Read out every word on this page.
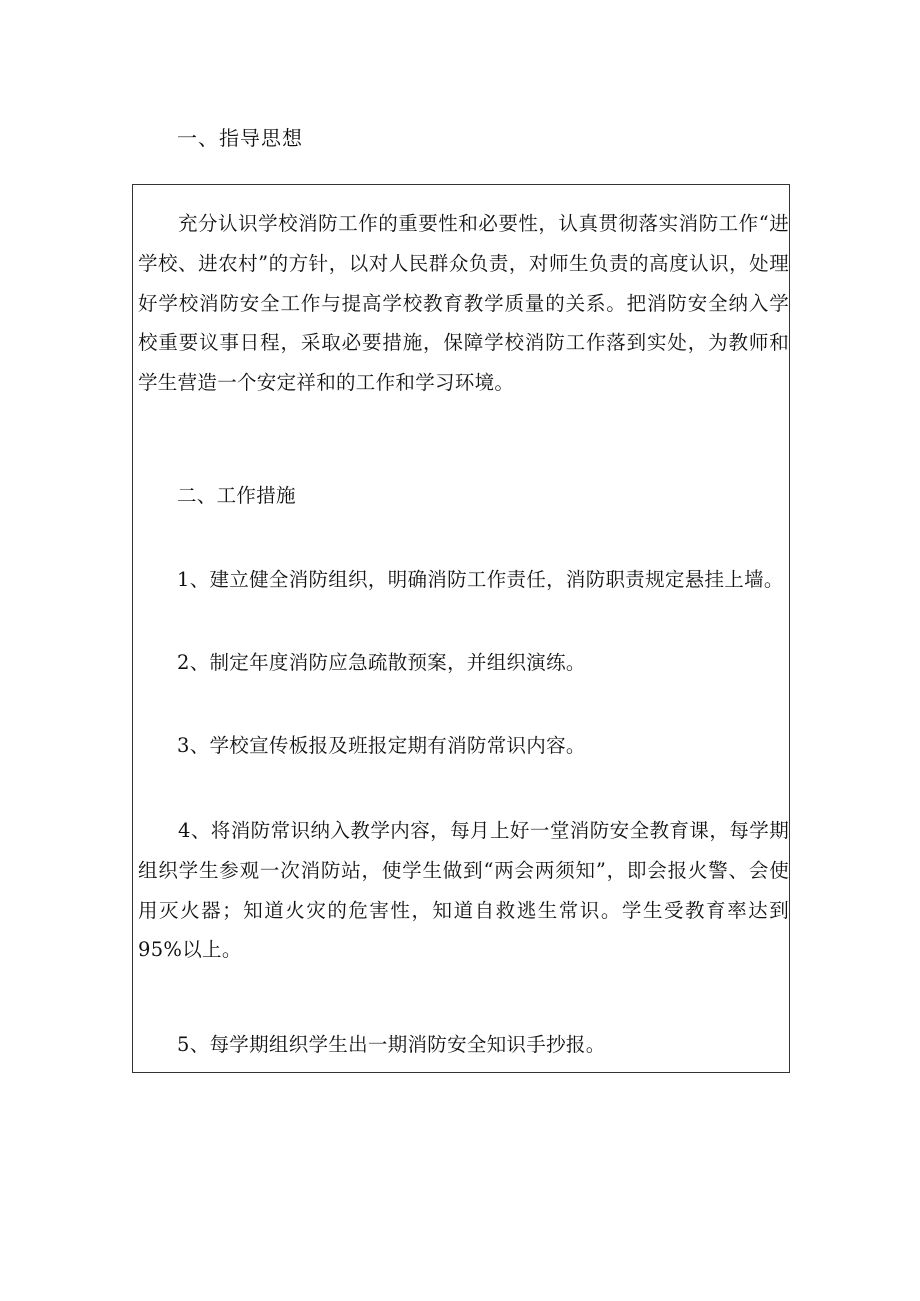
一、指导思想

充分认识学校消防工作的重要性和必要性，认真贯彻落实消防工作“进学校、进农村”的方针，以对人民群众负责，对师生负责的高度认识，处理好学校消防安全工作与提高学校教育教学质量的关系。把消防安全纳入学校重要议事日程，采取必要措施，保障学校消防工作落到实处，为教师和学生营造一个安定祥和的工作和学习环境。

二、工作措施

1、建立健全消防组织，明确消防工作责任，消防职责规定悬挂上墙。

2、制定年度消防应急疏散预案，并组织演练。

3、学校宣传板报及班报定期有消防常识内容。

4、将消防常识纳入教学内容，每月上好一堂消防安全教育课，每学期组织学生参观一次消防站，使学生做到“两会两须知”，即会报火警、会使用灭火器；知道火灾的危害性，知道自救逃生常识。学生受教育率达到95%以上。

5、每学期组织学生出一期消防安全知识手抄报。
